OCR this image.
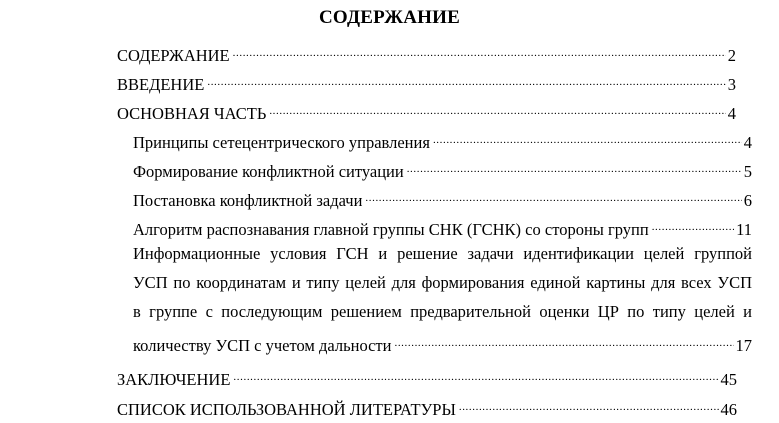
СОДЕРЖАНИЕ
СОДЕРЖАНИЕ .....	2
ВВЕДЕНИЕ .....	3
ОСНОВНАЯ ЧАСТЬ .....	4
Принципы сетецентрического управления .....	4
Формирование конфликтной ситуации .....	5
Постановка конфликтной задачи .....	6
Алгоритм распознавания главной группы СНК (ГСНК) со стороны групп .....	11
Информационные условия ГСН и решение задачи идентификации целей группой
УСП по координатам и типу целей для формирования единой картины для всех УСП
в группе с последующим решением предварительной оценки ЦР по типу целей и
количеству УСП с учетом дальности .....	17
ЗАКЛЮЧЕНИЕ .....	45
СПИСОК ИСПОЛЬЗОВАННОЙ ЛИТЕРАТУРЫ .....	46
